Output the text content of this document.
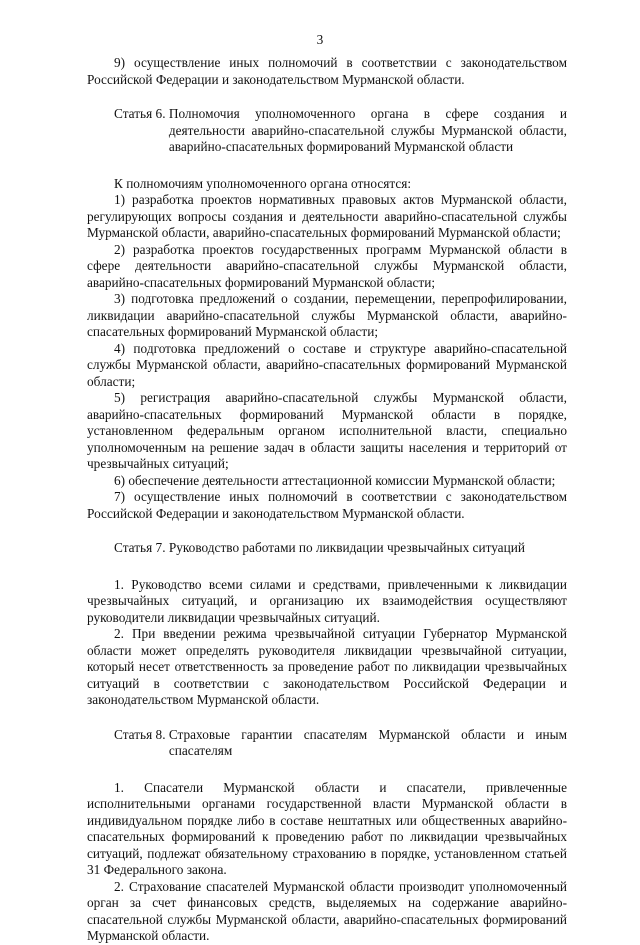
3

9) осуществление иных полномочий в соответствии с законодательством Российской Федерации и законодательством Мурманской области.

Статья 6. Полномочия уполномоченного органа в сфере создания и деятельности аварийно-спасательной службы Мурманской области, аварийно-спасательных формирований Мурманской области

К полномочиям уполномоченного органа относятся:

1) разработка проектов нормативных правовых актов Мурманской области, регулирующих вопросы создания и деятельности аварийно-спасательной службы Мурманской области, аварийно-спасательных формирований Мурманской области;

2) разработка проектов государственных программ Мурманской области в сфере деятельности аварийно-спасательной службы Мурманской области, аварийно-спасательных формирований Мурманской области;

3) подготовка предложений о создании, перемещении, перепрофилировании, ликвидации аварийно-спасательной службы Мурманской области, аварийно-спасательных формирований Мурманской области;

4) подготовка предложений о составе и структуре аварийно-спасательной службы Мурманской области, аварийно-спасательных формирований Мурманской области;

5) регистрация аварийно-спасательной службы Мурманской области, аварийно-спасательных формирований Мурманской области в порядке, установленном федеральным органом исполнительной власти, специально уполномоченным на решение задач в области защиты населения и территорий от чрезвычайных ситуаций;

6) обеспечение деятельности аттестационной комиссии Мурманской области;

7) осуществление иных полномочий в соответствии с законодательством Российской Федерации и законодательством Мурманской области.

Статья 7. Руководство работами по ликвидации чрезвычайных ситуаций

1. Руководство всеми силами и средствами, привлеченными к ликвидации чрезвычайных ситуаций, и организацию их взаимодействия осуществляют руководители ликвидации чрезвычайных ситуаций.

2. При введении режима чрезвычайной ситуации Губернатор Мурманской области может определять руководителя ликвидации чрезвычайной ситуации, который несет ответственность за проведение работ по ликвидации чрезвычайных ситуаций в соответствии с законодательством Российской Федерации и законодательством Мурманской области.

Статья 8. Страховые гарантии спасателям Мурманской области и иным спасателям

1. Спасатели Мурманской области и спасатели, привлеченные исполнительными органами государственной власти Мурманской области в индивидуальном порядке либо в составе нештатных или общественных аварийно-спасательных формирований к проведению работ по ликвидации чрезвычайных ситуаций, подлежат обязательному страхованию в порядке, установленном статьей 31 Федерального закона.

2. Страхование спасателей Мурманской области производит уполномоченный орган за счет финансовых средств, выделяемых на содержание аварийно-спасательной службы Мурманской области, аварийно-спасательных формирований Мурманской области.
